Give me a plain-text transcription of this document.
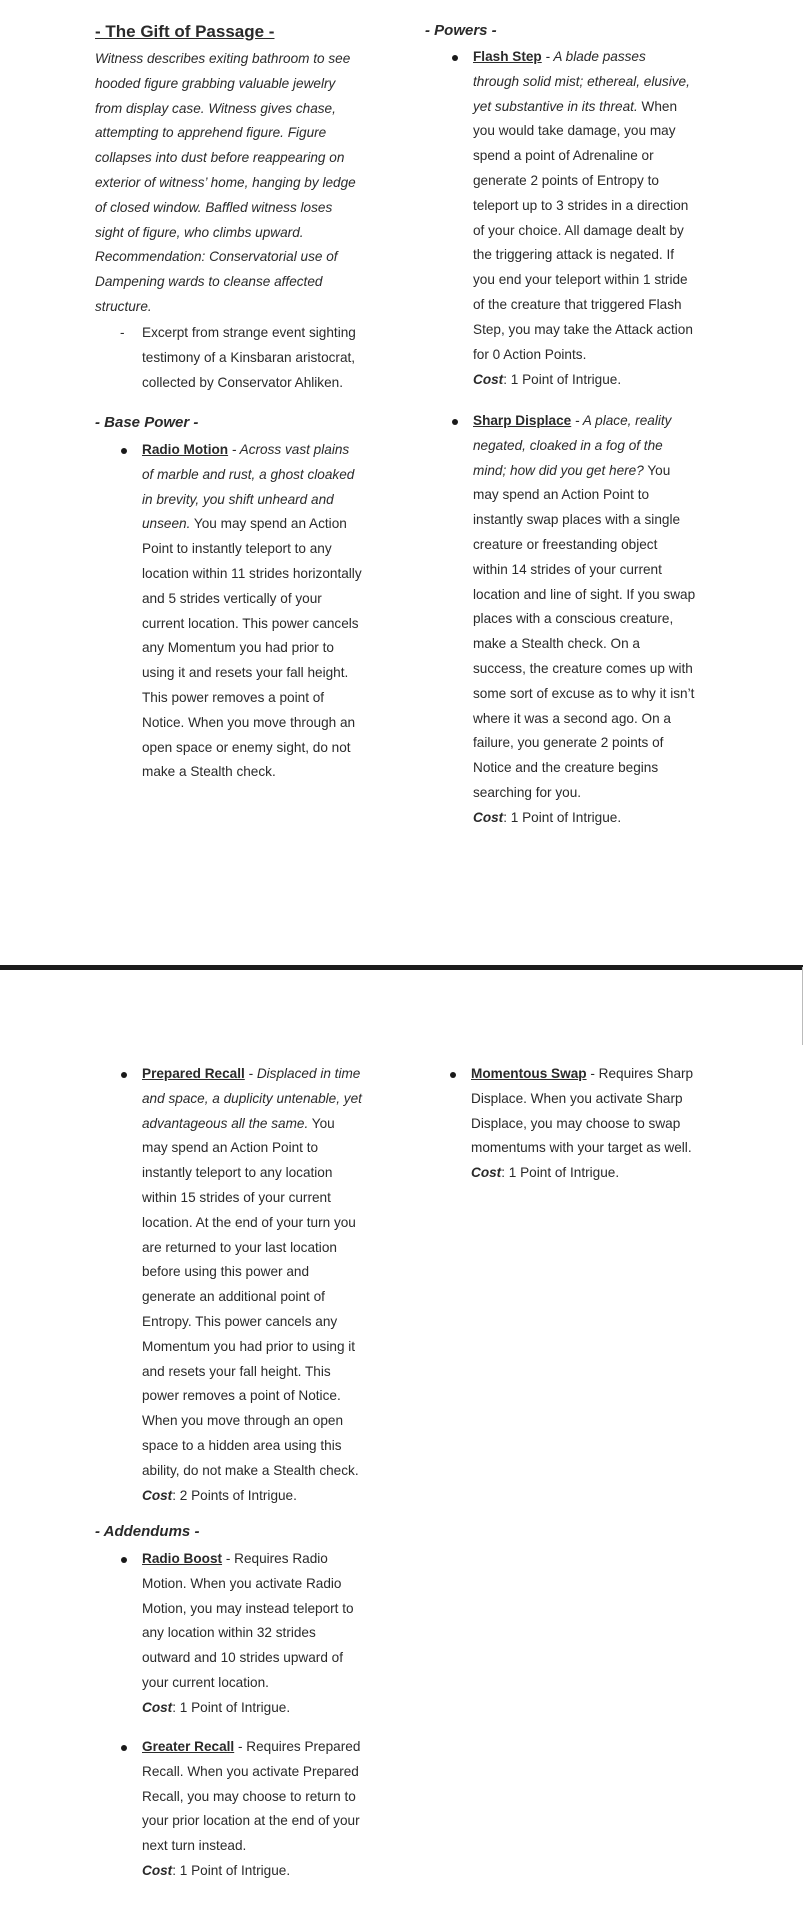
- The Gift of Passage -
Witness describes exiting bathroom to see
hooded figure grabbing valuable jewelry
from display case. Witness gives chase,
attempting to apprehend figure. Figure
collapses into dust before reappearing on
exterior of witness’ home, hanging by ledge
of closed window. Baffled witness loses
sight of figure, who climbs upward.
Recommendation: Conservatorial use of
Dampening wards to cleanse affected
structure.
- Excerpt from strange event sighting
testimony of a Kinsbaran aristocrat,
collected by Conservator Ahliken.
- Base Power -
Radio Motion - Across vast plains
of marble and rust, a ghost cloaked
in brevity, you shift unheard and
unseen. You may spend an Action
Point to instantly teleport to any
location within 11 strides horizontally
and 5 strides vertically of your
current location. This power cancels
any Momentum you had prior to
using it and resets your fall height.
This power removes a point of
Notice. When you move through an
open space or enemy sight, do not
make a Stealth check.
- Powers -
Flash Step - A blade passes
through solid mist; ethereal, elusive,
yet substantive in its threat. When
you would take damage, you may
spend a point of Adrenaline or
generate 2 points of Entropy to
teleport up to 3 strides in a direction
of your choice. All damage dealt by
the triggering attack is negated. If
you end your teleport within 1 stride
of the creature that triggered Flash
Step, you may take the Attack action
for 0 Action Points.
Cost: 1 Point of Intrigue.
Sharp Displace - A place, reality
negated, cloaked in a fog of the
mind; how did you get here? You
may spend an Action Point to
instantly swap places with a single
creature or freestanding object
within 14 strides of your current
location and line of sight. If you swap
places with a conscious creature,
make a Stealth check. On a
success, the creature comes up with
some sort of excuse as to why it isn’t
where it was a second ago. On a
failure, you generate 2 points of
Notice and the creature begins
searching for you.
Cost: 1 Point of Intrigue.
Prepared Recall - Displaced in time
and space, a duplicity untenable, yet
advantageous all the same. You
may spend an Action Point to
instantly teleport to any location
within 15 strides of your current
location. At the end of your turn you
are returned to your last location
before using this power and
generate an additional point of
Entropy. This power cancels any
Momentum you had prior to using it
and resets your fall height. This
power removes a point of Notice.
When you move through an open
space to a hidden area using this
ability, do not make a Stealth check.
Cost: 2 Points of Intrigue.
- Addendums -
Radio Boost - Requires Radio
Motion. When you activate Radio
Motion, you may instead teleport to
any location within 32 strides
outward and 10 strides upward of
your current location.
Cost: 1 Point of Intrigue.
Greater Recall - Requires Prepared
Recall. When you activate Prepared
Recall, you may choose to return to
your prior location at the end of your
next turn instead.
Cost: 1 Point of Intrigue.
Momentous Swap - Requires Sharp
Displace. When you activate Sharp
Displace, you may choose to swap
momentums with your target as well.
Cost: 1 Point of Intrigue.
